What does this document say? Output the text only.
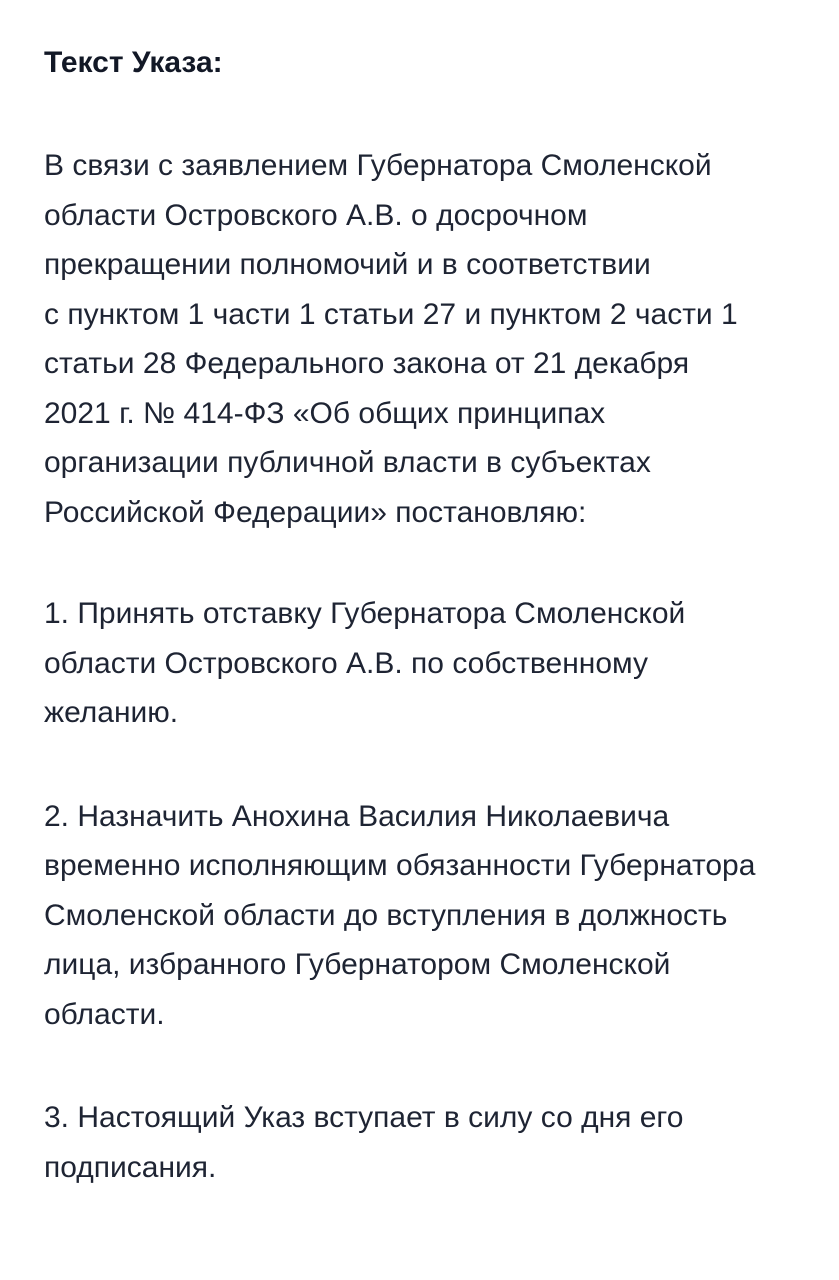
Текст Указа:

В связи с заявлением Губернатора Смоленской
области Островского А.В. о досрочном
прекращении полномочий и в соответствии
с пунктом 1 части 1 статьи 27 и пунктом 2 части 1
статьи 28 Федерального закона от 21 декабря
2021 г. № 414-ФЗ «Об общих принципах
организации публичной власти в субъектах
Российской Федерации» постановляю:

1. Принять отставку Губернатора Смоленской
области Островского А.В. по собственному
желанию.

2. Назначить Анохина Василия Николаевича
временно исполняющим обязанности Губернатора
Смоленской области до вступления в должность
лица, избранного Губернатором Смоленской
области.

3. Настоящий Указ вступает в силу со дня его
подписания.
